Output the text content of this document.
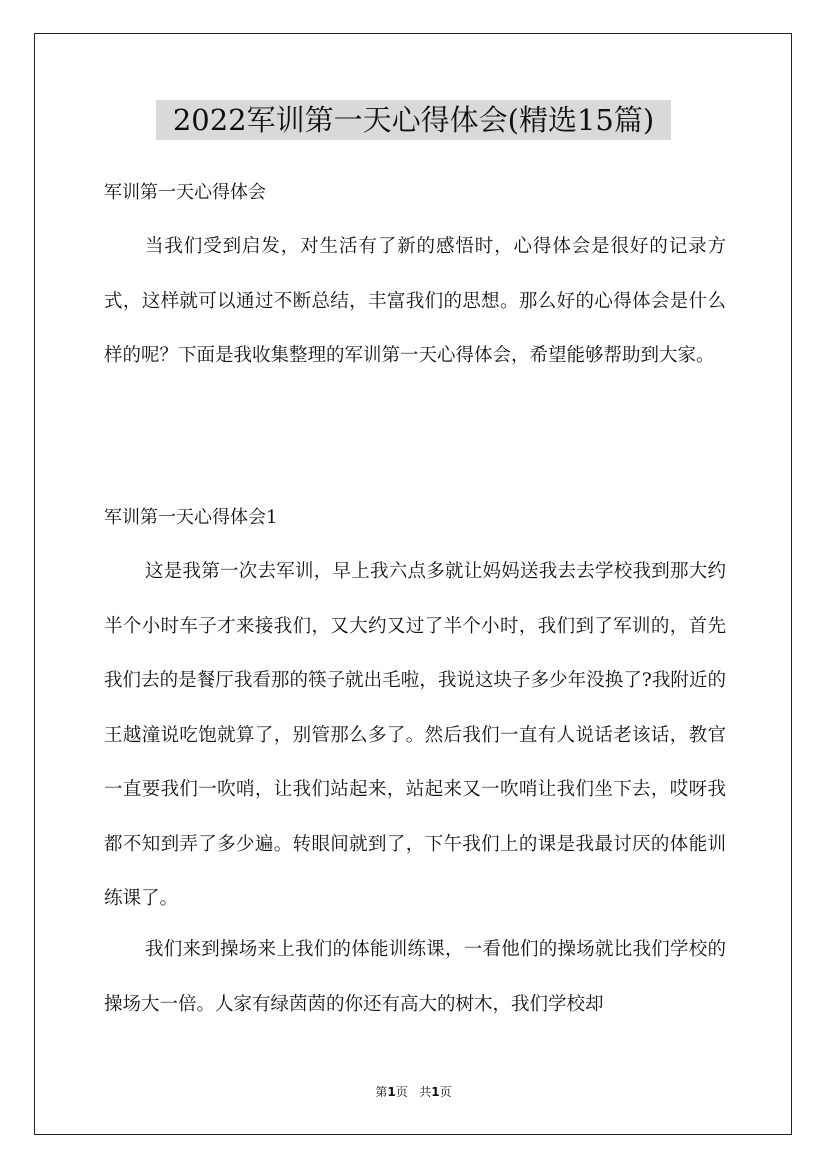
2022军训第一天心得体会(精选15篇)

军训第一天心得体会

当我们受到启发，对生活有了新的感悟时，心得体会是很好的记录方式，这样就可以通过不断总结，丰富我们的思想。那么好的心得体会是什么样的呢？下面是我收集整理的军训第一天心得体会，希望能够帮助到大家。

军训第一天心得体会1

这是我第一次去军训，早上我六点多就让妈妈送我去去学校我到那大约半个小时车子才来接我们，又大约又过了半个小时，我们到了军训的，首先我们去的是餐厅我看那的筷子就出毛啦，我说这块子多少年没换了?我附近的王越潼说吃饱就算了，别管那么多了。然后我们一直有人说话老该话，教官一直要我们一吹哨，让我们站起来，站起来又一吹哨让我们坐下去，哎呀我都不知到弄了多少遍。转眼间就到了，下午我们上的课是我最讨厌的体能训练课了。

我们来到操场来上我们的体能训练课，一看他们的操场就比我们学校的操场大一倍。人家有绿茵茵的你还有高大的树木，我们学校却

第1页 共1页
